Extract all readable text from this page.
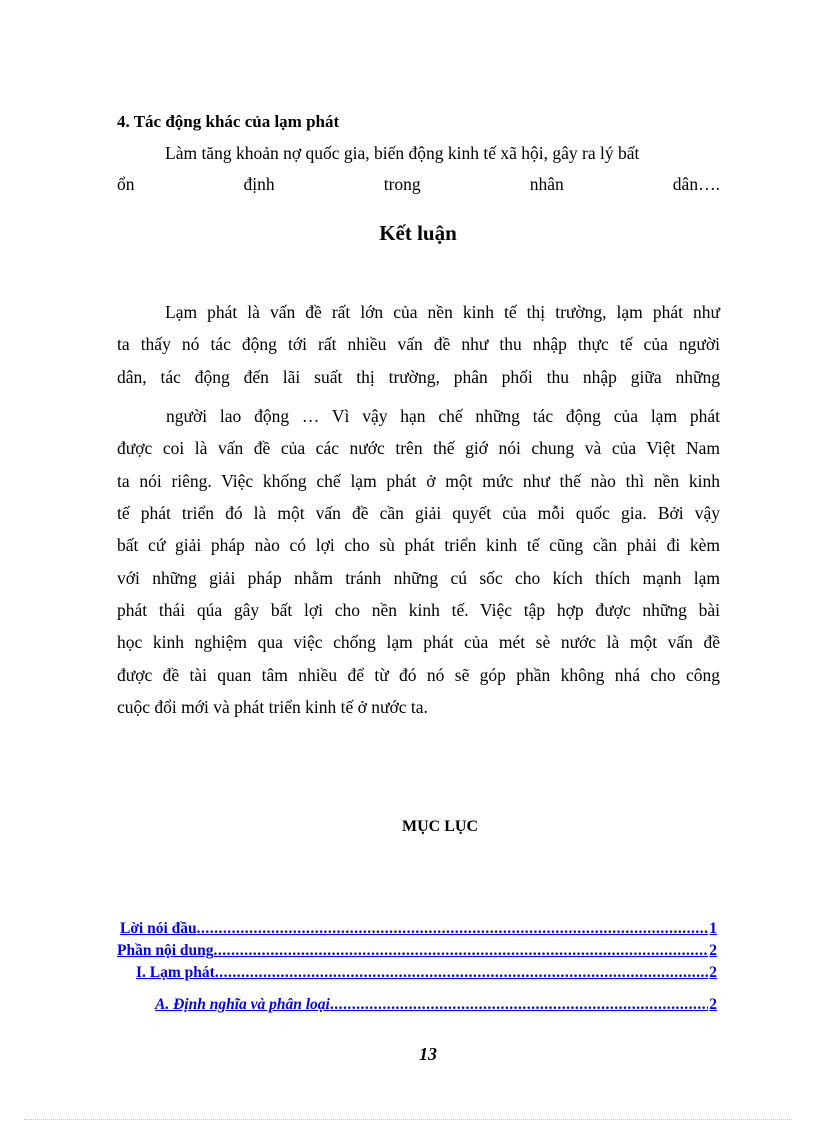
4. Tác động khác của lạm phát
Làm tăng khoản nợ quốc gia, biến động kinh tế xã hội, gây ra lý bất
ổn	định	trong	nhân	dân….
Kết luận
Lạm phát là vấn đề rất lớn của nền kinh tế thị trường, lạm phát như
ta thấy nó tác động tới rất nhiều vấn đề như thu nhập thực tế của người
dân, tác động đến lãi suất thị trường, phân phối thu nhập giữa những
người lao động … Vì vậy hạn chế những tác động của lạm phát
được coi là vấn đề của các nước trên thế giớ nói chung và của Việt Nam
ta nói riêng. Việc khống chế lạm phát ở một mức như thế nào thì nền kinh
tế phát triển đó là một vấn đề cần giải quyết của mỗi quốc gia. Bởi vậy
bất cứ giải pháp nào có lợi cho sù phát triển kinh tế cũng cần phải đi kèm
với những giải pháp nhằm tránh những cú sốc cho kích thích mạnh lạm
phát thái qúa gây bất lợi cho nền kinh tế. Việc tập hợp được những bài
học kinh nghiệm qua việc chống lạm phát của mét sè nước là một vấn đề
được đề tài quan tâm nhiều để từ đó nó sẽ góp phần không nhá cho công
cuộc đổi mới và phát triển kinh tế ở nước ta.
MỤC LỤC
Lời nói đầu .....	1
Phần nội dung .....	2
I. Lạm phát .....	2
A. Định nghĩa và phân loại .....	2
13
